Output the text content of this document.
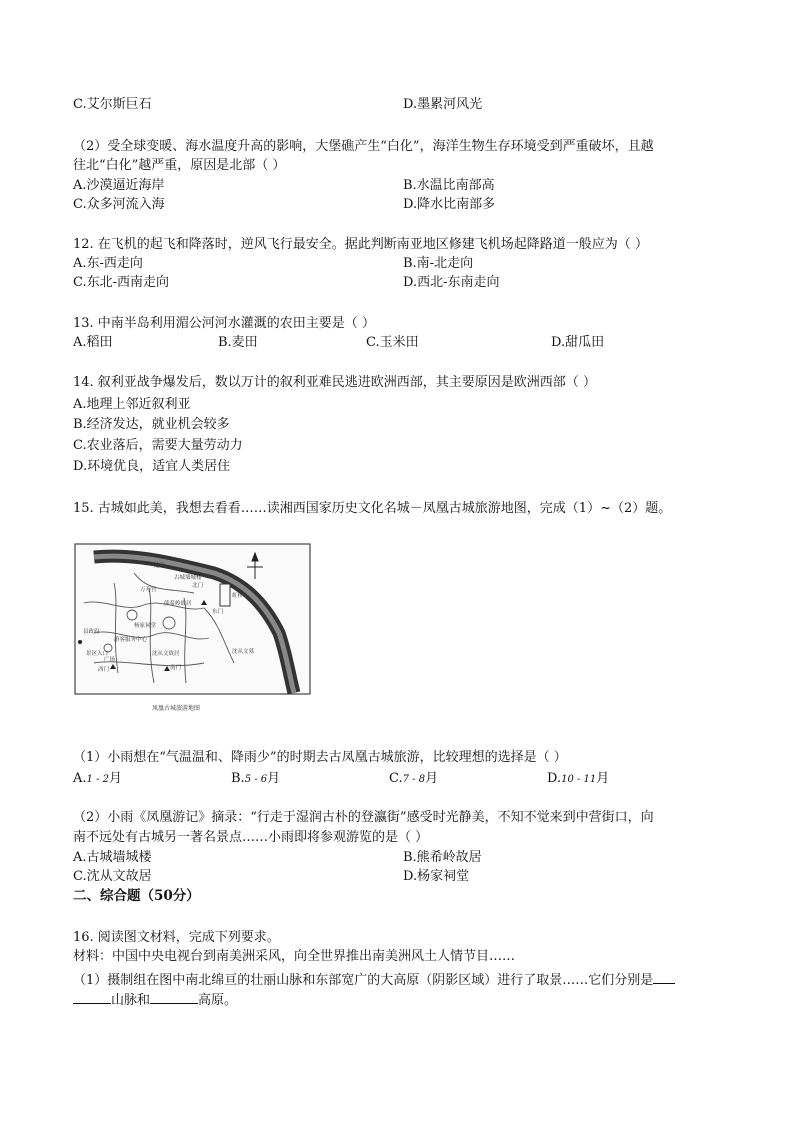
C.艾尔斯巨石	D.墨累河风光
（2）受全球变暖、海水温度升高的影响，大堡礁产生“白化”，海洋生物生存环境受到严重破坏，且越
往北“白化”越严重，原因是北部（ ）
A.沙漠逼近海岸	B.水温比南部高
C.众多河流入海	D.降水比南部多
12. 在飞机的起飞和降落时，逆风飞行最安全。据此判断南亚地区修建飞机场起降路道一般应为（ ）
A.东-西走向	B.南-北走向
C.东北-西南走向	D.西北-东南走向
13. 中南半岛利用湄公河河水灌溉的农田主要是（ ）
A.稻田	B.麦田	C.玉米田	D.甜瓜田
14. 叙利亚战争爆发后，数以万计的叙利亚难民逃进欧洲西部，其主要原因是欧洲西部（ ）
A.地理上邻近叙利亚
B.经济发达，就业机会较多
C.农业落后，需要大量劳动力
D.环境优良，适宜人类居住
15. 古城如此美，我想去看看……读湘西国家历史文化名城－凤凰古城旅游地图，完成（1）~（2）题。
沱江
北门
东门
南门
西门
县政府
景区入口
游客服务中心
广场
虹桥
沈从文故居
熊希岭故居
杨家祠堂
古城墙城楼
万寿宫
沈从文墓
凤凰古城旅游地图
（1）小雨想在“气温温和、降雨少”的时期去古凤凰古城旅游，比较理想的选择是（ ）
A.1 - 2月	B.5 - 6月	C.7 - 8月	D.10 - 11月
（2）小雨《凤凰游记》摘录：“行走于湿润古朴的登瀛街”感受时光静美，不知不觉来到中营街口，向
南不远处有古城另一著名景点……小雨即将参观游览的是（ ）
A.古城墙城楼	B.熊希岭故居
C.沈从文故居	D.杨家祠堂
二、综合题（50分）
16. 阅读图文材料，完成下列要求。
材料：中国中央电视台到南美洲采风，向全世界推出南美洲风土人情节目……
（1）摄制组在图中南北绵亘的壮丽山脉和东部宽广的大高原（阴影区域）进行了取景……它们分别是
山脉和	高原。
